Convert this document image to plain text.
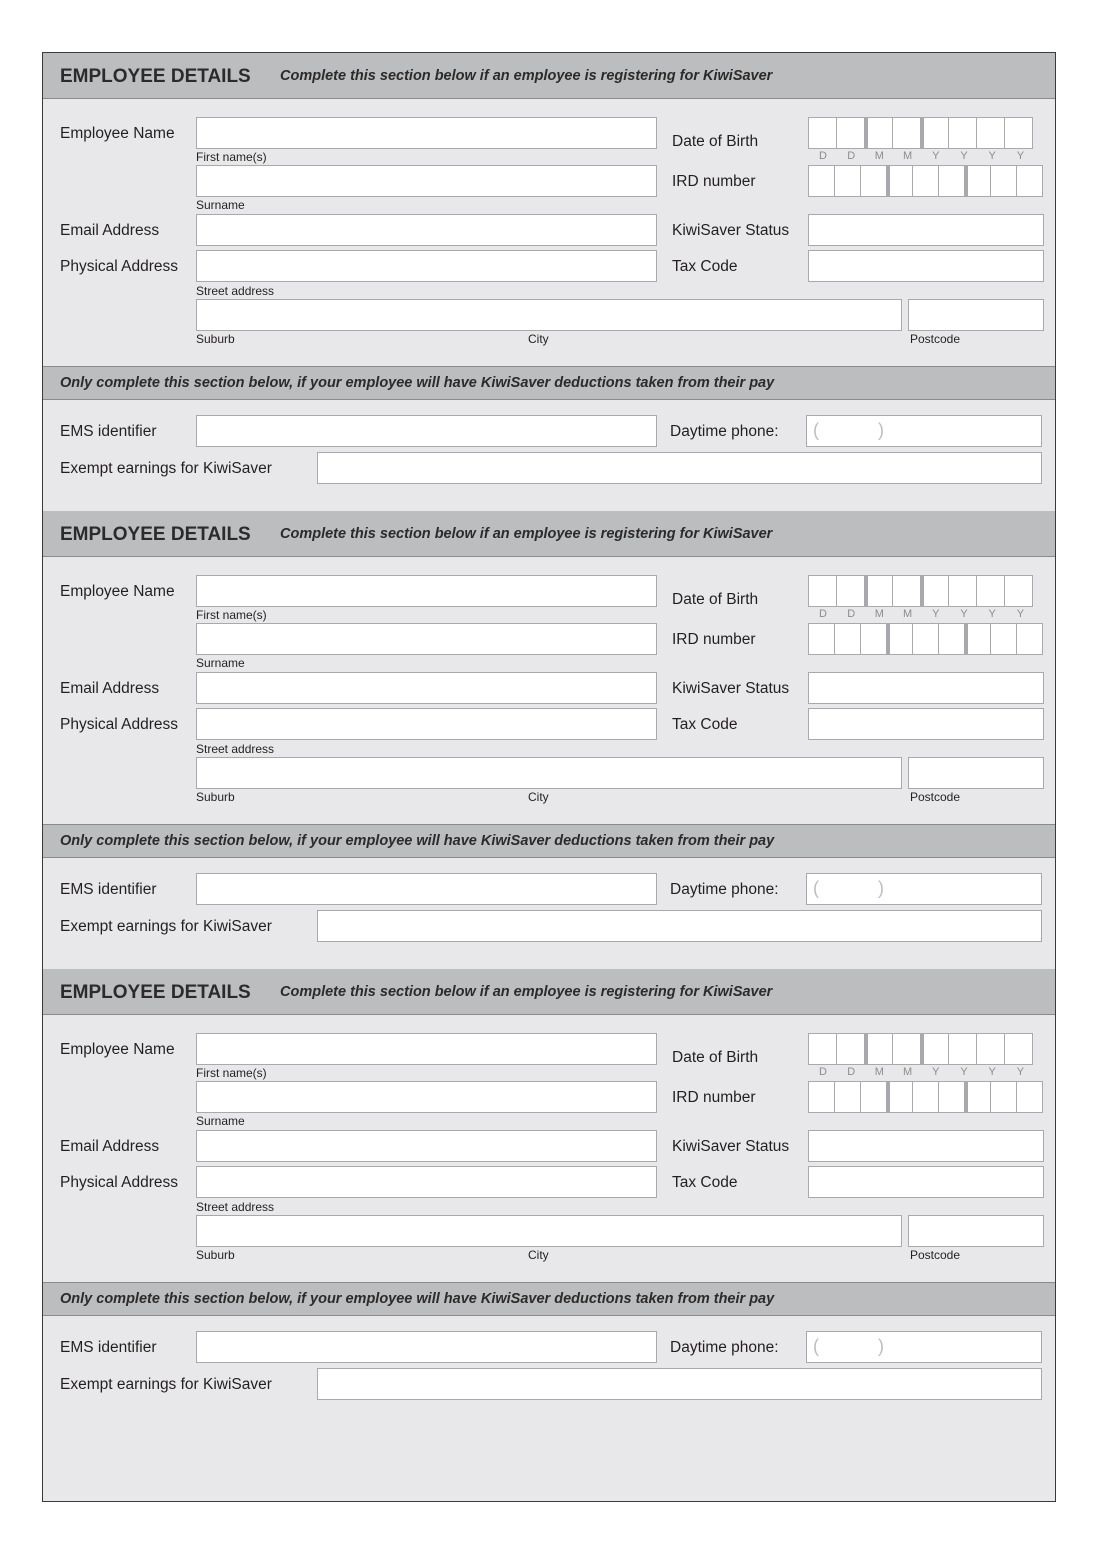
EMPLOYEE DETAILS Complete this section below if an employee is registering for KiwiSaver
Employee Name
First name(s)
Surname
Email Address
Physical Address
Street address
Suburb	City	Postcode
Date of Birth
D	D	M	M	Y	Y	Y	Y
IRD number
KiwiSaver Status
Tax Code
Only complete this section below, if your employee will have KiwiSaver deductions taken from their pay
EMS identifier	Daytime phone: (	)
Exempt earnings for KiwiSaver
EMPLOYEE DETAILS Complete this section below if an employee is registering for KiwiSaver
Employee Name
First name(s)
Surname
Email Address
Physical Address
Street address
Suburb	City	Postcode
Date of Birth
D	D	M	M	Y	Y	Y	Y
IRD number
KiwiSaver Status
Tax Code
Only complete this section below, if your employee will have KiwiSaver deductions taken from their pay
EMS identifier	Daytime phone: (	)
Exempt earnings for KiwiSaver
EMPLOYEE DETAILS Complete this section below if an employee is registering for KiwiSaver
Employee Name
First name(s)
Surname
Email Address
Physical Address
Street address
Suburb	City	Postcode
Date of Birth
D	D	M	M	Y	Y	Y	Y
IRD number
KiwiSaver Status
Tax Code
Only complete this section below, if your employee will have KiwiSaver deductions taken from their pay
EMS identifier	Daytime phone: (	)
Exempt earnings for KiwiSaver
